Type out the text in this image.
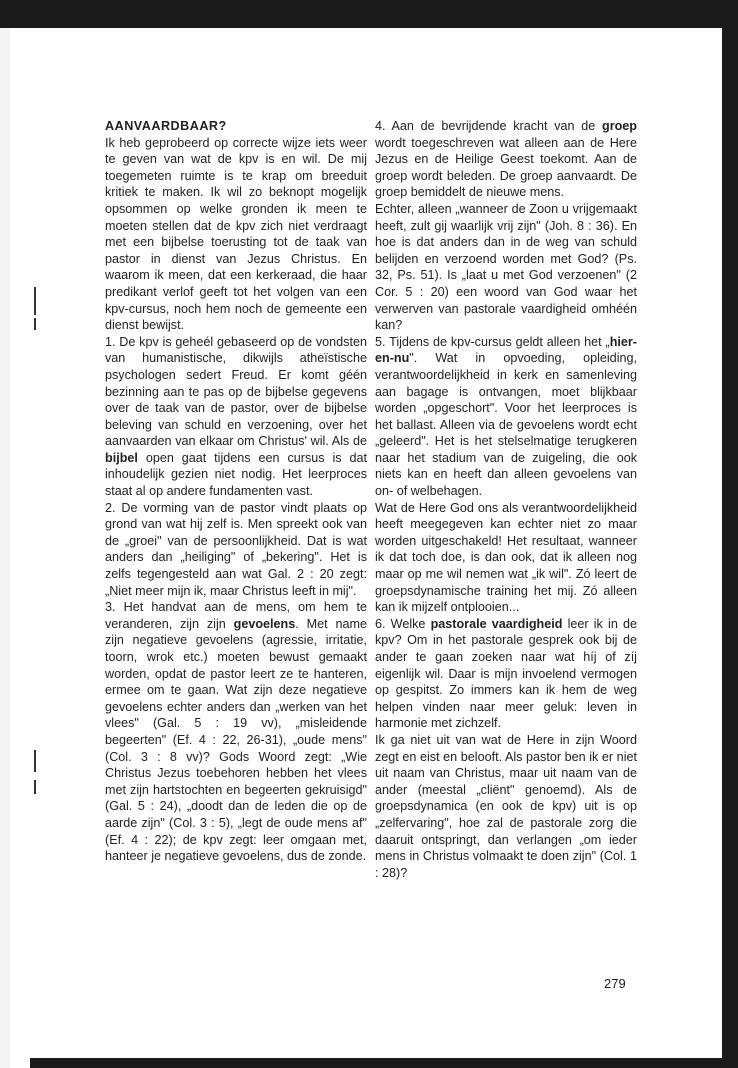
AANVAARDBAAR?

Ik heb geprobeerd op correcte wijze iets weer te geven van wat de kpv is en wil. De mij toegemeten ruimte is te krap om breeduit kritiek te maken. Ik wil zo beknopt mogelijk opsommen op welke gronden ik meen te moeten stellen dat de kpv zich niet verdraagt met een bijbelse toerusting tot de taak van pastor in dienst van Jezus Christus. En waarom ik meen, dat een kerkeraad, die haar predikant verlof geeft tot het volgen van een kpv-cursus, noch hem noch de gemeente een dienst bewijst.

1. De kpv is geheél gebaseerd op de vondsten van humanistische, dikwijls atheïstische psychologen sedert Freud. Er komt géén bezinning aan te pas op de bijbelse gegevens over de taak van de pastor, over de bijbelse beleving van schuld en verzoening, over het aanvaarden van elkaar om Christus' wil. Als de bijbel open gaat tijdens een cursus is dat inhoudelijk gezien niet nodig. Het leerproces staat al op andere fundamenten vast.

2. De vorming van de pastor vindt plaats op grond van wat hij zelf is. Men spreekt ook van de „groei" van de persoonlijkheid. Dat is wat anders dan „heiliging" of „bekering". Het is zelfs tegengesteld aan wat Gal. 2 : 20 zegt: „Niet meer mijn ik, maar Christus leeft in mij".

3. Het handvat aan de mens, om hem te veranderen, zijn zijn gevoelens. Met name zijn negatieve gevoelens (agressie, irritatie, toorn, wrok etc.) moeten bewust gemaakt worden, opdat de pastor leert ze te hanteren, ermee om te gaan. Wat zijn deze negatieve gevoelens echter anders dan „werken van het vlees" (Gal. 5 : 19 vv), „misleidende begeerten" (Ef. 4 : 22, 26-31), „oude mens" (Col. 3 : 8 vv)? Gods Woord zegt: „Wie Christus Jezus toebehoren hebben het vlees met zijn hartstochten en begeerten gekruisigd" (Gal. 5 : 24), „doodt dan de leden die op de aarde zijn" (Col. 3 : 5), „legt de oude mens af" (Ef. 4 : 22); de kpv zegt: leer omgaan met, hanteer je negatieve gevoelens, dus de zonde.

4. Aan de bevrijdende kracht van de groep wordt toegeschreven wat alleen aan de Here Jezus en de Heilige Geest toekomt. Aan de groep wordt beleden. De groep aanvaardt. De groep bemiddelt de nieuwe mens.

Echter, alleen „wanneer de Zoon u vrijgemaakt heeft, zult gij waarlijk vrij zijn" (Joh. 8 : 36). En hoe is dat anders dan in de weg van schuld belijden en verzoend worden met God? (Ps. 32, Ps. 51). Is „laat u met God verzoenen" (2 Cor. 5 : 20) een woord van God waar het verwerven van pastorale vaardigheid omhéén kan?

5. Tijdens de kpv-cursus geldt alleen het „hier-en-nu". Wat in opvoeding, opleiding, verantwoordelijkheid in kerk en samenleving aan bagage is ontvangen, moet blijkbaar worden „opgeschort". Voor het leerproces is het ballast. Alleen via de gevoelens wordt echt „geleerd". Het is het stelselmatige terugkeren naar het stadium van de zuigeling, die ook niets kan en heeft dan alleen gevoelens van on- of welbehagen.

Wat de Here God ons als verantwoordelijkheid heeft meegegeven kan echter niet zo maar worden uitgeschakeld! Het resultaat, wanneer ik dat toch doe, is dan ook, dat ik alleen nog maar op me wil nemen wat „ik wil". Zó leert de groepsdynamische training het mij. Zó alleen kan ik mijzelf ontplooien...

6. Welke pastorale vaardigheid leer ik in de kpv? Om in het pastorale gesprek ook bij de ander te gaan zoeken naar wat híj of zíj eigenlijk wil. Daar is mijn invoelend vermogen op gespitst. Zo immers kan ik hem de weg helpen vinden naar meer geluk: leven in harmonie met zichzelf.

Ik ga niet uit van wat de Here in zijn Woord zegt en eist en belooft. Als pastor ben ik er niet uit naam van Christus, maar uit naam van de ander (meestal „cliënt" genoemd). Als de groepsdynamica (en ook de kpv) uit is op „zelfervaring", hoe zal de pastorale zorg die daaruit ontspringt, dan verlangen „om ieder mens in Christus volmaakt te doen zijn" (Col. 1 : 28)?

279
